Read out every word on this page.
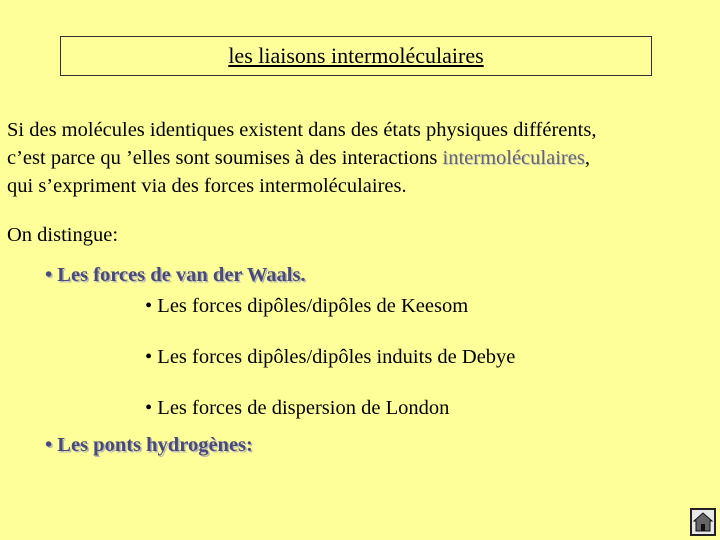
les liaisons intermoléculaires

Si des molécules identiques existent dans des états physiques différents,

c’est parce qu ’elles sont soumises à des interactions intermoléculaires,

qui s’expriment via des forces intermoléculaires.

On distingue:
• Les forces de van der Waals.
• Les forces dipôles/dipôles de Keesom
• Les forces dipôles/dipôles induits de Debye
• Les forces de dispersion de London
• Les ponts hydrogènes:
